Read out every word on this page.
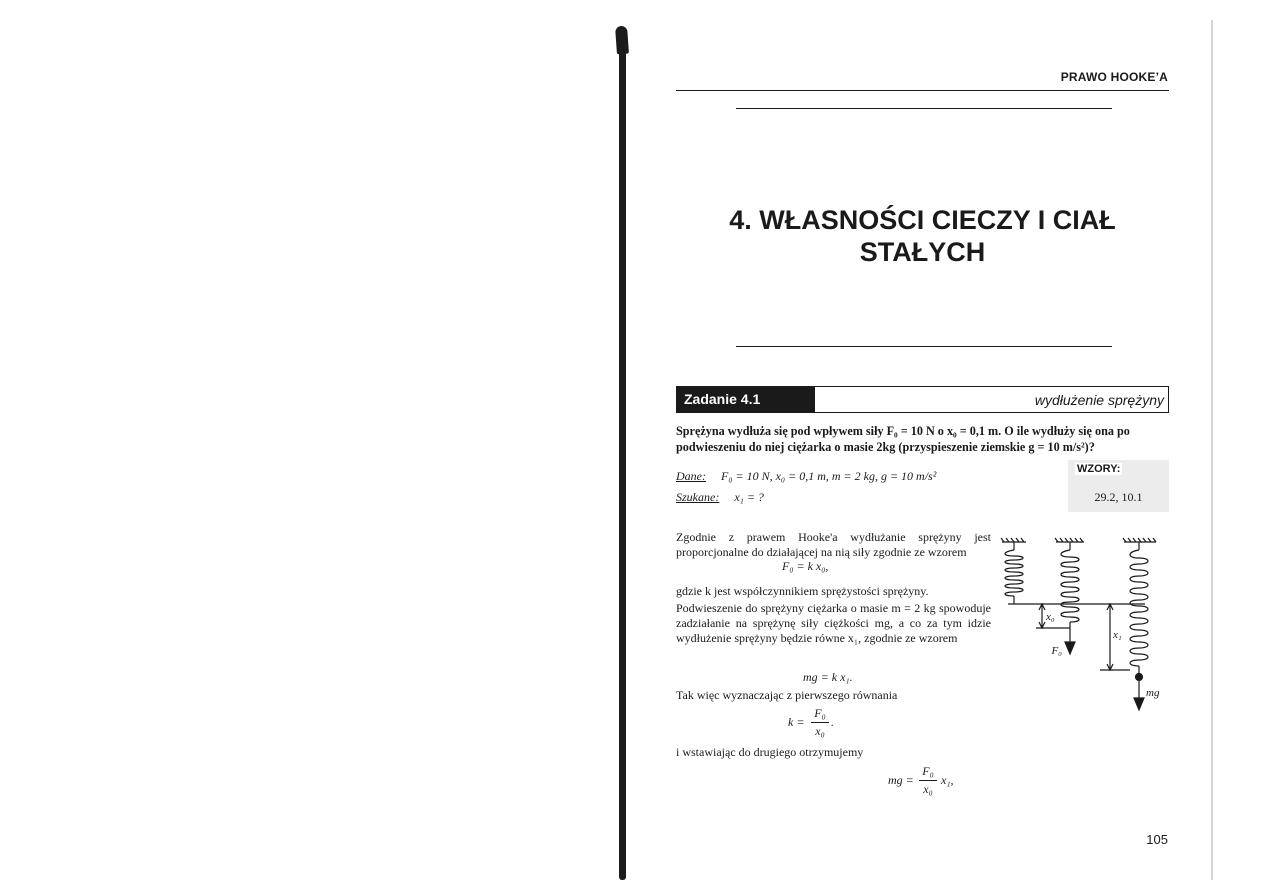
PRAWO HOOKE’A
4. WŁASNOŚCI CIECZY I CIAŁ
STAŁYCH
Zadanie 4.1	wydłużenie sprężyny
Sprężyna wydłuża się pod wpływem siły F₀ = 10 N o x₀ = 0,1 m. O ile wydłuży się ona po
podwieszeniu do niej ciężarka o masie 2kg (przyspieszenie ziemskie g = 10 m/s²)?
Dane: F₀ = 10 N, x₀ = 0,1 m, m = 2 kg, g = 10 m/s²
Szukane: x₁ = ?
WZORY:
29.2, 10.1
Zgodnie z prawem Hooke'a wydłużanie sprężyny jest proporcjonalne do działającej na nią siły zgodnie ze wzorem
F₀ = k x₀,
gdzie k jest współczynnikiem sprężystości sprężyny.
Podwieszenie do sprężyny ciężarka o masie m = 2 kg spowoduje zadziałanie na sprężynę siły ciężkości mg, a co za tym idzie wydłużenie sprężyny będzie równe x₁, zgodnie ze wzorem
mg = k x₁.
Tak więc wyznaczając z pierwszego równania
k =
F₀
x₀
.
i wstawiając do drugiego otrzymujemy
mg =
F₀
x₀
x₁,
x₀
x₁
F₀
mg
105
